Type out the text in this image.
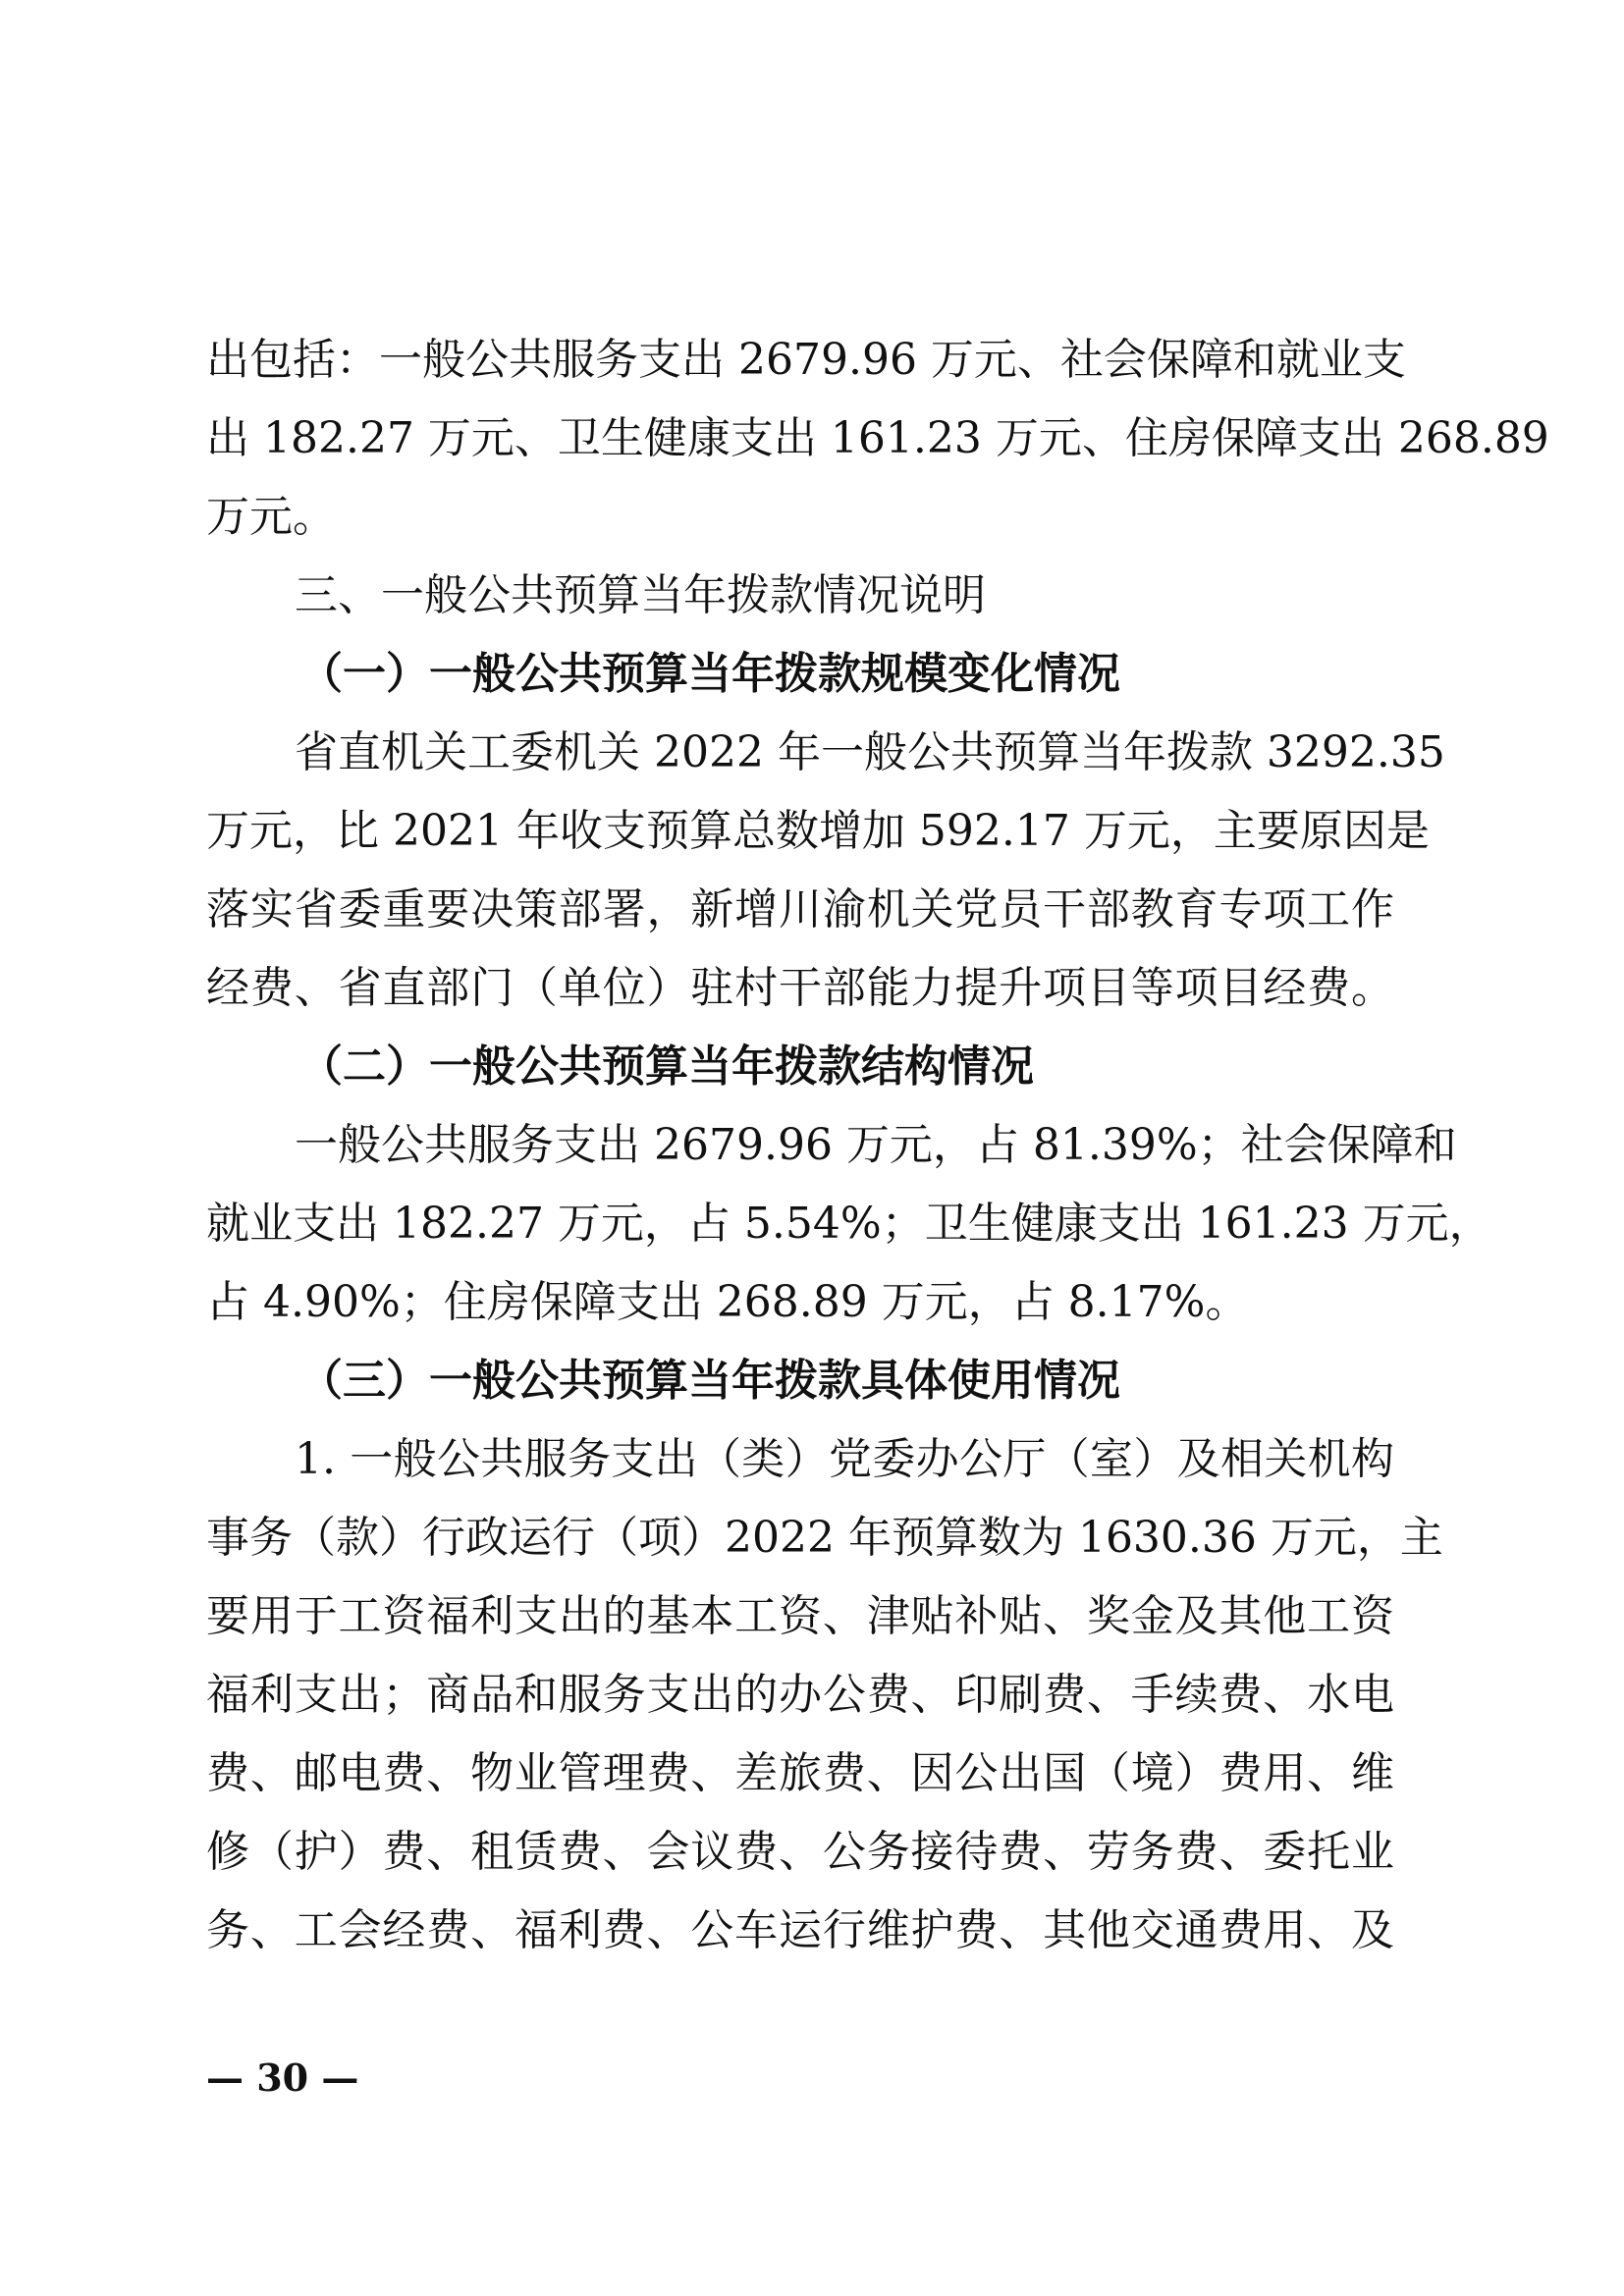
出包括：一般公共服务支出 2679.96 万元、社会保障和就业支
出 182.27 万元、卫生健康支出 161.23 万元、住房保障支出 268.89
万元。
三、一般公共预算当年拨款情况说明
（一）一般公共预算当年拨款规模变化情况
省直机关工委机关 2022 年一般公共预算当年拨款 3292.35
万元，比 2021 年收支预算总数增加 592.17 万元，主要原因是
落实省委重要决策部署，新增川渝机关党员干部教育专项工作
经费、省直部门（单位）驻村干部能力提升项目等项目经费。
（二）一般公共预算当年拨款结构情况
一般公共服务支出 2679.96 万元，占 81.39%；社会保障和
就业支出 182.27 万元，占 5.54%；卫生健康支出 161.23 万元，
占 4.90%；住房保障支出 268.89 万元，占 8.17%。
（三）一般公共预算当年拨款具体使用情况
1. 一般公共服务支出（类）党委办公厅（室）及相关机构
事务（款）行政运行（项）2022 年预算数为 1630.36 万元，主
要用于工资福利支出的基本工资、津贴补贴、奖金及其他工资
福利支出；商品和服务支出的办公费、印刷费、手续费、水电
费、邮电费、物业管理费、差旅费、因公出国（境）费用、维
修（护）费、租赁费、会议费、公务接待费、劳务费、委托业
务、工会经费、福利费、公车运行维护费、其他交通费用、及
— 30 —
